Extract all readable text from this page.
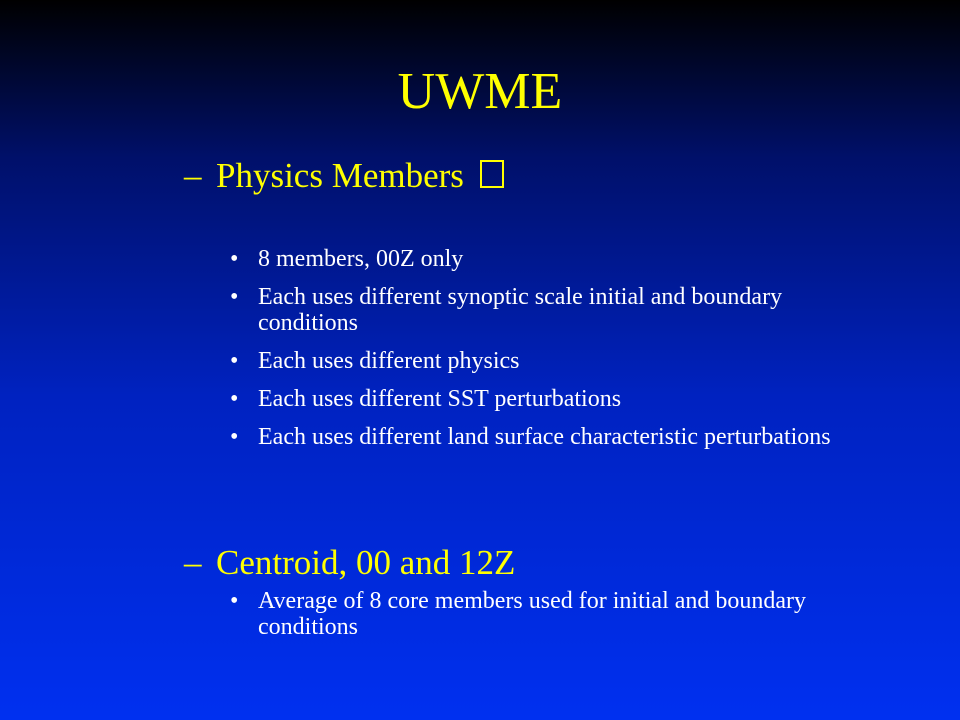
UWME
– Physics Members
• 8 members, 00Z only
• Each uses different synoptic scale initial and boundary conditions
• Each uses different physics
• Each uses different SST perturbations
• Each uses different land surface characteristic perturbations
– Centroid, 00 and 12Z
• Average of 8 core members used for initial and boundary conditions
